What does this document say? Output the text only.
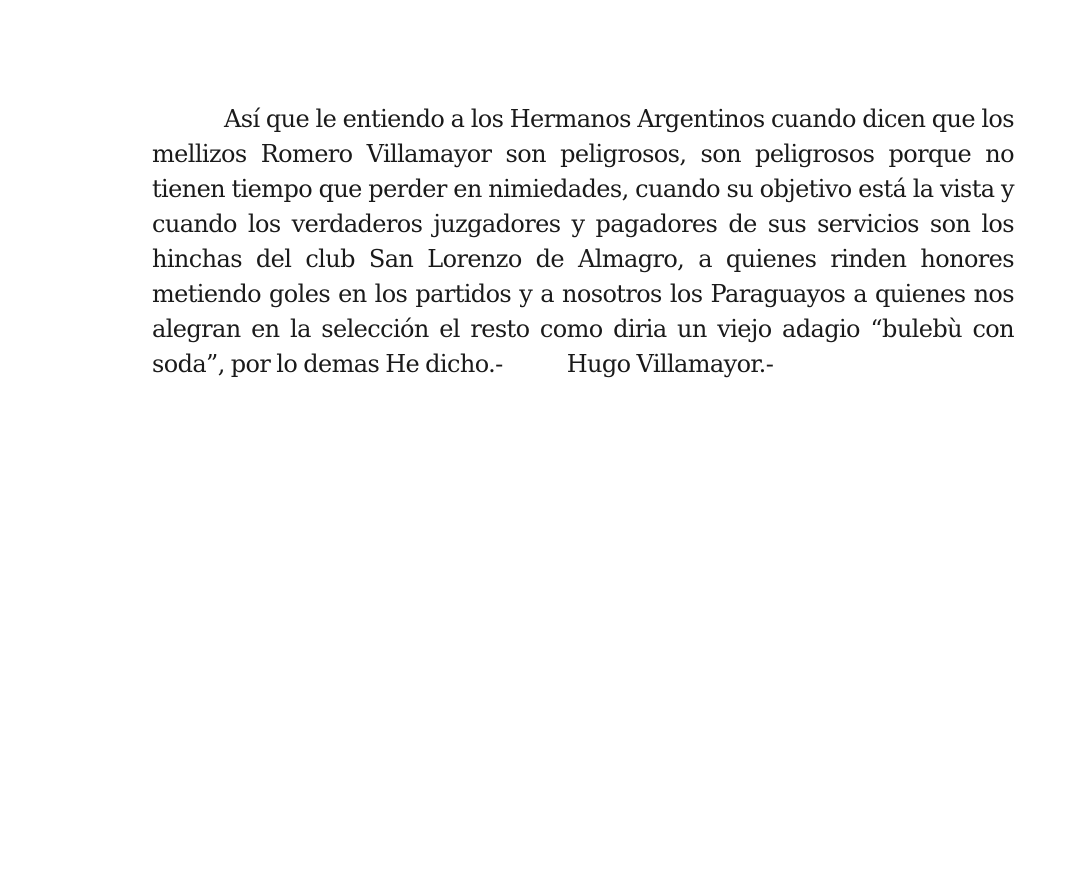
Así que le entiendo a los Hermanos Argentinos cuando dicen que los mellizos Romero Villamayor son peligrosos, son peligrosos porque no tienen tiempo que perder en nimiedades, cuando su objetivo está la vista y cuando los verdaderos juzgadores y pagadores de sus servicios son los hinchas del club San Lorenzo de Almagro, a quienes rinden honores metiendo goles en los partidos y a nosotros los Paraguayos a quienes nos alegran en la selección el resto como diria un viejo adagio “bulebù con soda”, por lo demas He dicho.-	Hugo Villamayor.-
